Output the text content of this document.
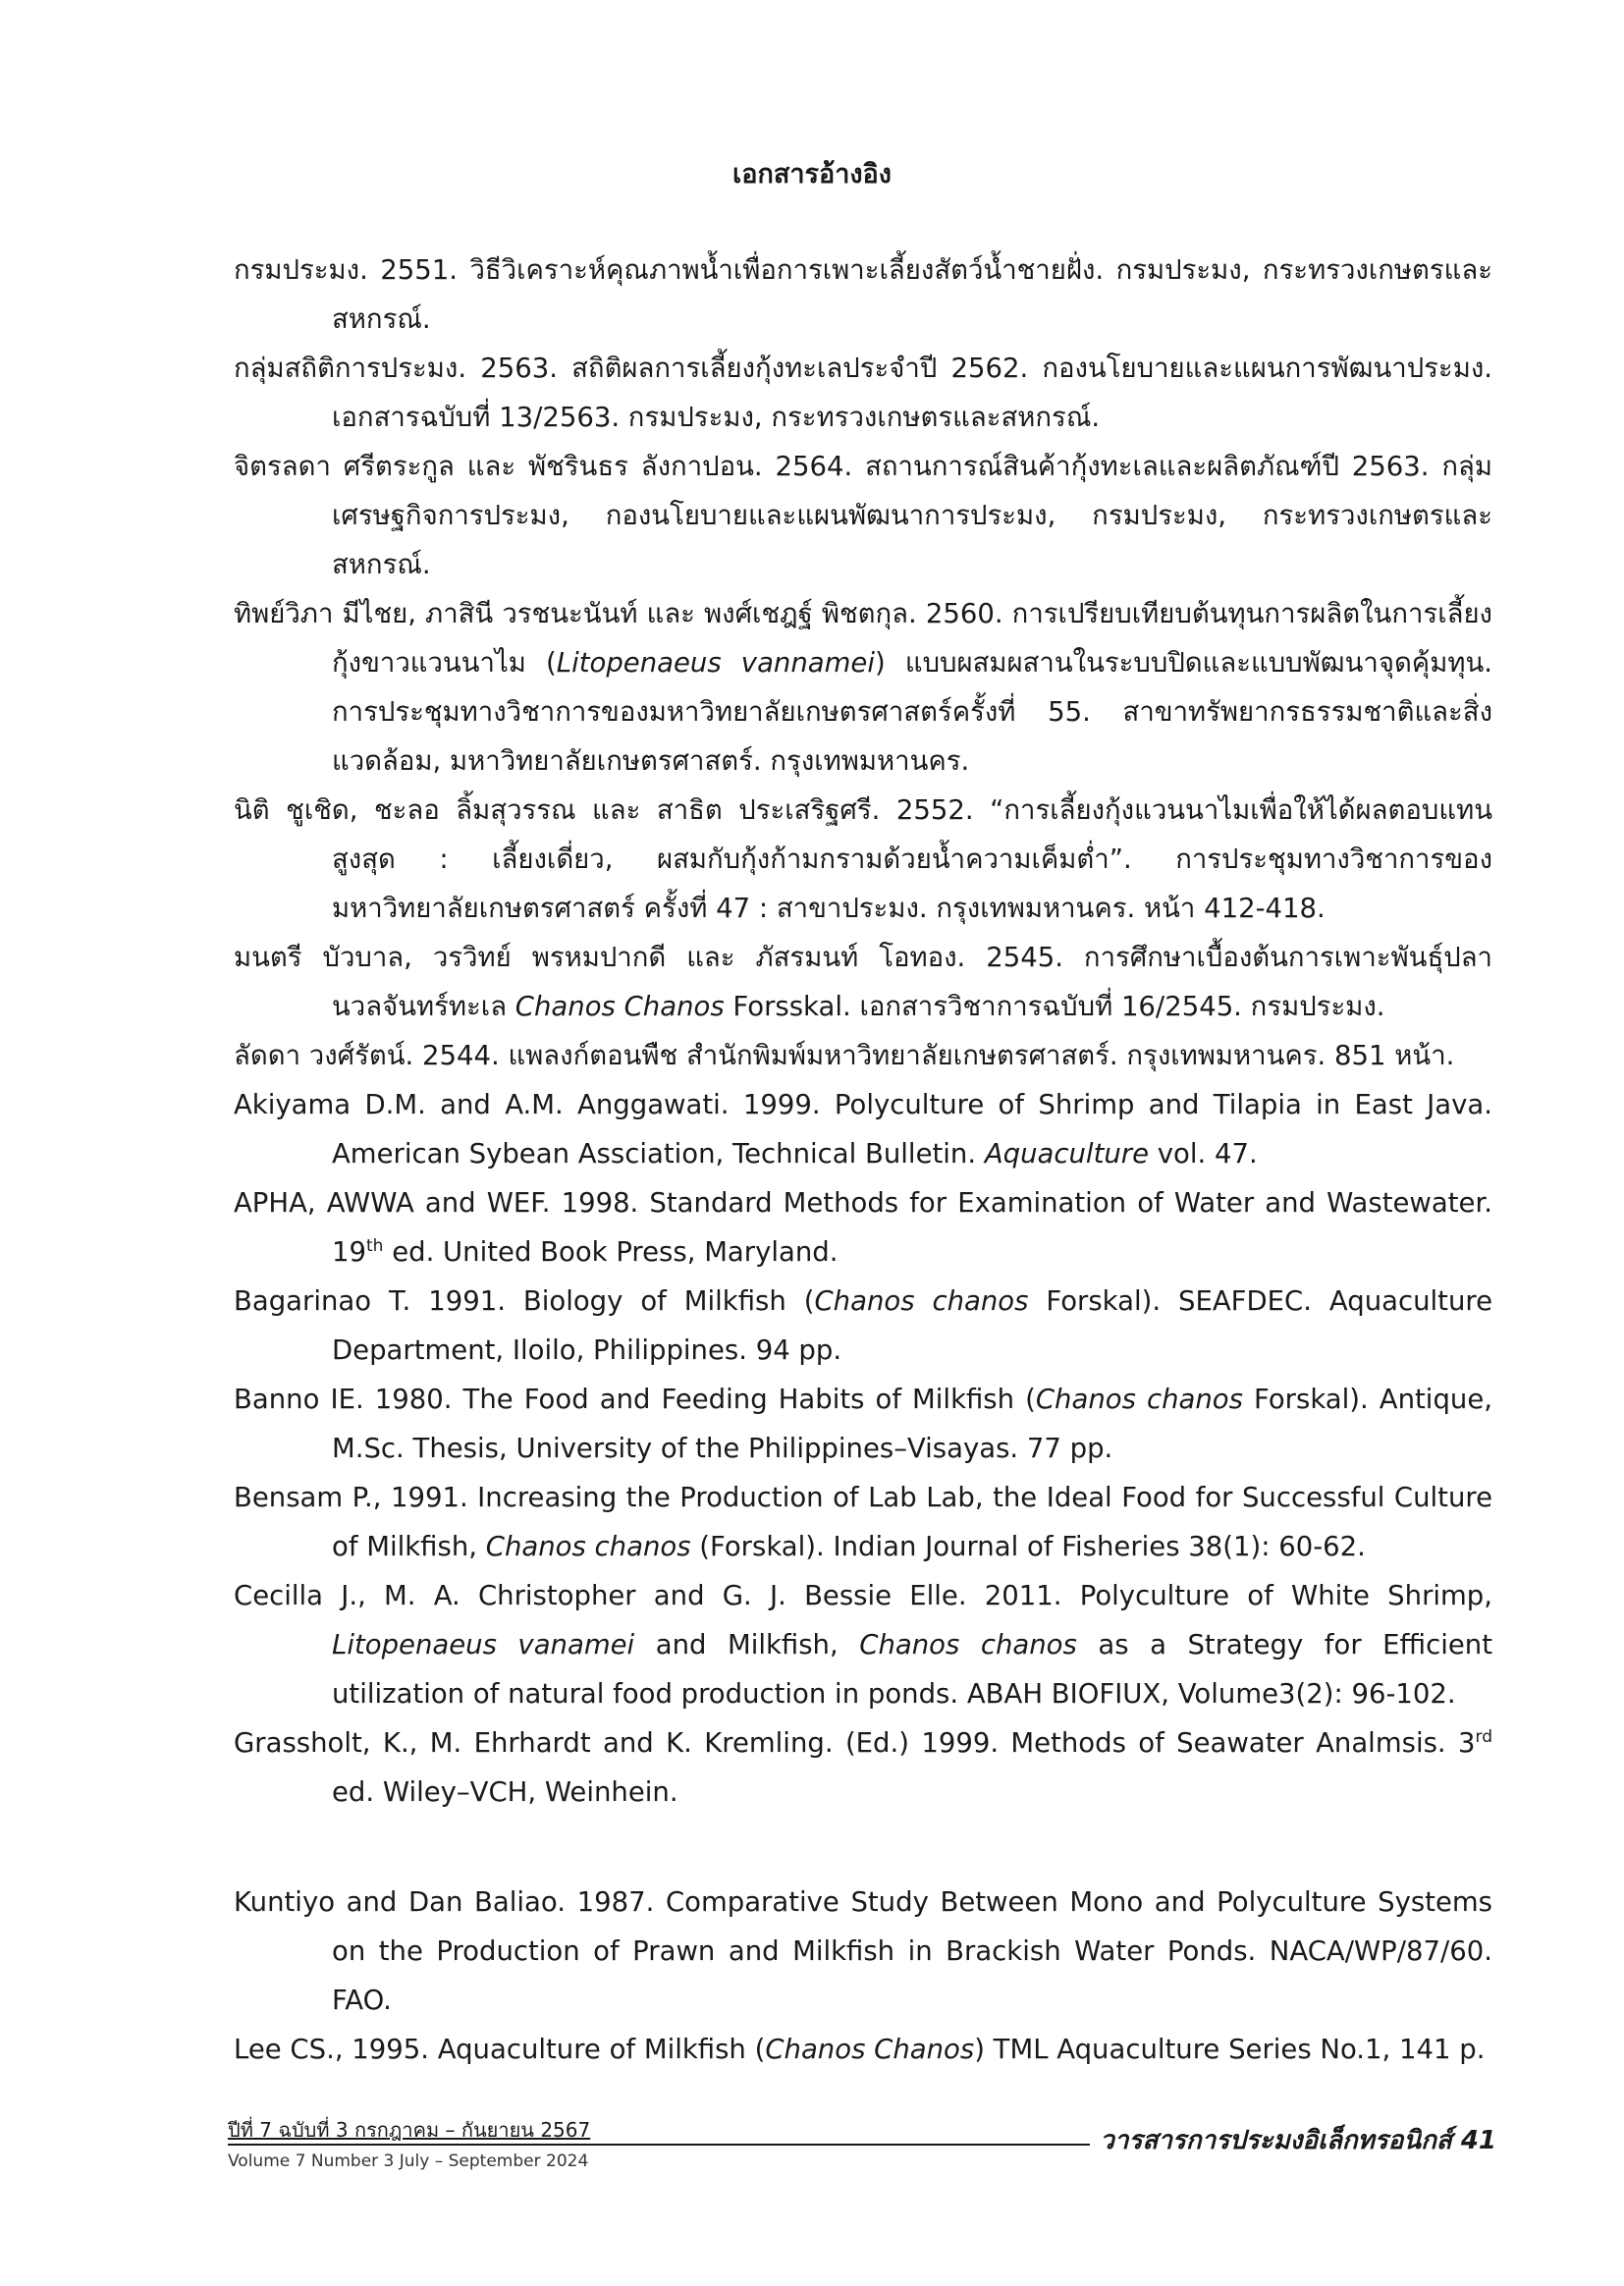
เอกสารอ้างอิง

กรมประมง. 2551. วิธีวิเคราะห์คุณภาพน้ำเพื่อการเพาะเลี้ยงสัตว์น้ำชายฝั่ง. กรมประมง, กระทรวงเกษตรและสหกรณ์.

กลุ่มสถิติการประมง. 2563. สถิติผลการเลี้ยงกุ้งทะเลประจำปี 2562. กองนโยบายและแผนการพัฒนาประมง. เอกสารฉบับที่ 13/2563. กรมประมง, กระทรวงเกษตรและสหกรณ์.

จิตรลดา ศรีตระกูล และ พัชรินธร ลังกาปอน. 2564. สถานการณ์สินค้ากุ้งทะเลและผลิตภัณฑ์ปี 2563. กลุ่มเศรษฐกิจการประมง, กองนโยบายและแผนพัฒนาการประมง, กรมประมง, กระทรวงเกษตรและสหกรณ์.

ทิพย์วิภา มีไชย, ภาสินี วรชนะนันท์ และ พงศ์เชฎฐ์ พิชตกุล. 2560. การเปรียบเทียบต้นทุนการผลิตในการเลี้ยงกุ้งขาวแวนนาไม (Litopenaeus vannamei) แบบผสมผสานในระบบปิดและแบบพัฒนาจุดคุ้มทุน. การประชุมทางวิชาการของมหาวิทยาลัยเกษตรศาสตร์ครั้งที่ 55. สาขาทรัพยากรธรรมชาติและสิ่งแวดล้อม, มหาวิทยาลัยเกษตรศาสตร์. กรุงเทพมหานคร.

นิติ ชูเชิด, ชะลอ ลิ้มสุวรรณ และ สาธิต ประเสริฐศรี. 2552. “การเลี้ยงกุ้งแวนนาไมเพื่อให้ได้ผลตอบแทนสูงสุด : เลี้ยงเดี่ยว, ผสมกับกุ้งก้ามกรามด้วยน้ำความเค็มต่ำ”. การประชุมทางวิชาการของมหาวิทยาลัยเกษตรศาสตร์ ครั้งที่ 47 : สาขาประมง. กรุงเทพมหานคร. หน้า 412-418.

มนตรี บัวบาล, วรวิทย์ พรหมปากดี และ ภัสรมนท์ โอทอง. 2545. การศึกษาเบื้องต้นการเพาะพันธุ์ปลานวลจันทร์ทะเล Chanos Chanos Forsskal. เอกสารวิชาการฉบับที่ 16/2545. กรมประมง.

ลัดดา วงศ์รัตน์. 2544. แพลงก์ตอนพืช สำนักพิมพ์มหาวิทยาลัยเกษตรศาสตร์. กรุงเทพมหานคร. 851 หน้า.

Akiyama D.M. and A.M. Anggawati. 1999. Polyculture of Shrimp and Tilapia in East Java. American Sybean Assciation, Technical Bulletin. Aquaculture vol. 47.

APHA, AWWA and WEF. 1998. Standard Methods for Examination of Water and Wastewater. 19th ed. United Book Press, Maryland.

Bagarinao T. 1991. Biology of Milkfish (Chanos chanos Forskal). SEAFDEC. Aquaculture Department, Iloilo, Philippines. 94 pp.

Banno IE. 1980. The Food and Feeding Habits of Milkfish (Chanos chanos Forskal). Antique, M.Sc. Thesis, University of the Philippines–Visayas. 77 pp.

Bensam P., 1991. Increasing the Production of Lab Lab, the Ideal Food for Successful Culture of Milkfish, Chanos chanos (Forskal). Indian Journal of Fisheries 38(1): 60-62.

Cecilla J., M. A. Christopher and G. J. Bessie Elle. 2011. Polyculture of White Shrimp, Litopenaeus vanamei and Milkfish, Chanos chanos as a Strategy for Efficient utilization of natural food production in ponds. ABAH BIOFIUX, Volume3(2): 96-102.

Grassholt, K., M. Ehrhardt and K. Kremling. (Ed.) 1999. Methods of Seawater Analmsis. 3rd ed. Wiley–VCH, Weinhein.

Kuntiyo and Dan Baliao. 1987. Comparative Study Between Mono and Polyculture Systems on the Production of Prawn and Milkfish in Brackish Water Ponds. NACA/WP/87/60. FAO.

Lee CS., 1995. Aquaculture of Milkfish (Chanos Chanos) TML Aquaculture Series No.1, 141 p.

ปีที่ 7 ฉบับที่ 3 กรกฎาคม – กันยายน 2567
Volume 7 Number 3 July – September 2024
วารสารการประมงอิเล็กทรอนิกส์ 41
